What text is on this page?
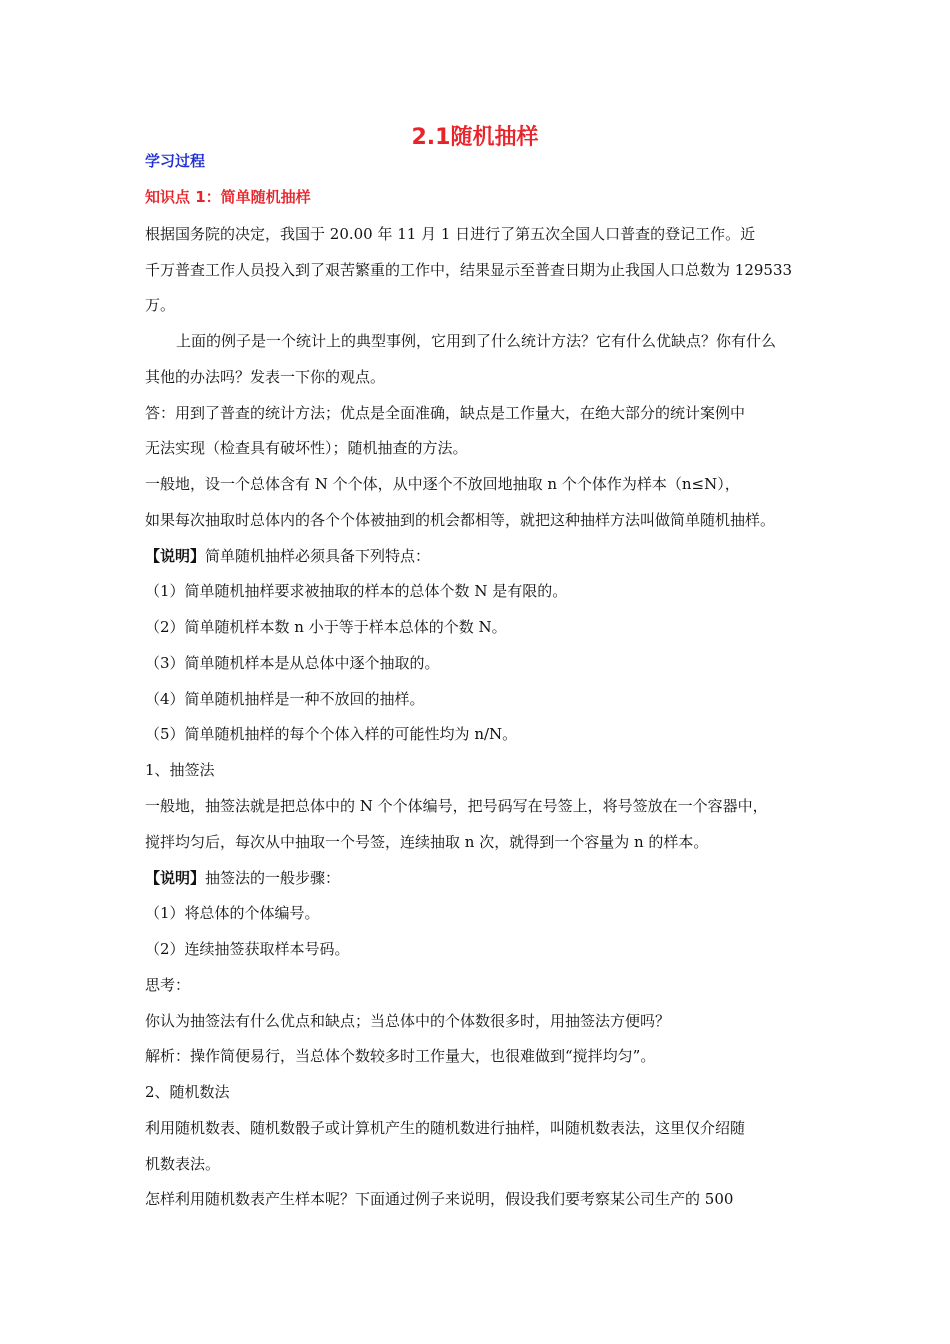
2.1随机抽样
学习过程
知识点 1：简单随机抽样
根据国务院的决定，我国于 20.00 年 11 月 1 日进行了第五次全国人口普查的登记工作。近
千万普查工作人员投入到了艰苦繁重的工作中，结果显示至普查日期为止我国人口总数为 129533
万。
上面的例子是一个统计上的典型事例，它用到了什么统计方法？它有什么优缺点？你有什么
其他的办法吗？发表一下你的观点。
答：用到了普查的统计方法；优点是全面准确，缺点是工作量大，在绝大部分的统计案例中
无法实现（检查具有破坏性）；随机抽查的方法。
一般地，设一个总体含有 N 个个体，从中逐个不放回地抽取 n 个个体作为样本（n≤N），
如果每次抽取时总体内的各个个体被抽到的机会都相等，就把这种抽样方法叫做简单随机抽样。
【说明】简单随机抽样必须具备下列特点：
（1）简单随机抽样要求被抽取的样本的总体个数 N 是有限的。
（2）简单随机样本数 n 小于等于样本总体的个数 N。
（3）简单随机样本是从总体中逐个抽取的。
（4）简单随机抽样是一种不放回的抽样。
（5）简单随机抽样的每个个体入样的可能性均为 n/N。
1、抽签法
一般地，抽签法就是把总体中的 N 个个体编号，把号码写在号签上，将号签放在一个容器中，
搅拌均匀后，每次从中抽取一个号签，连续抽取 n 次，就得到一个容量为 n 的样本。
【说明】抽签法的一般步骤：
（1）将总体的个体编号。
（2）连续抽签获取样本号码。
思考：
你认为抽签法有什么优点和缺点；当总体中的个体数很多时，用抽签法方便吗？
解析：操作简便易行，当总体个数较多时工作量大，也很难做到“搅拌均匀”。
2、随机数法
利用随机数表、随机数骰子或计算机产生的随机数进行抽样，叫随机数表法，这里仅介绍随
机数表法。
怎样利用随机数表产生样本呢？下面通过例子来说明，假设我们要考察某公司生产的 500
